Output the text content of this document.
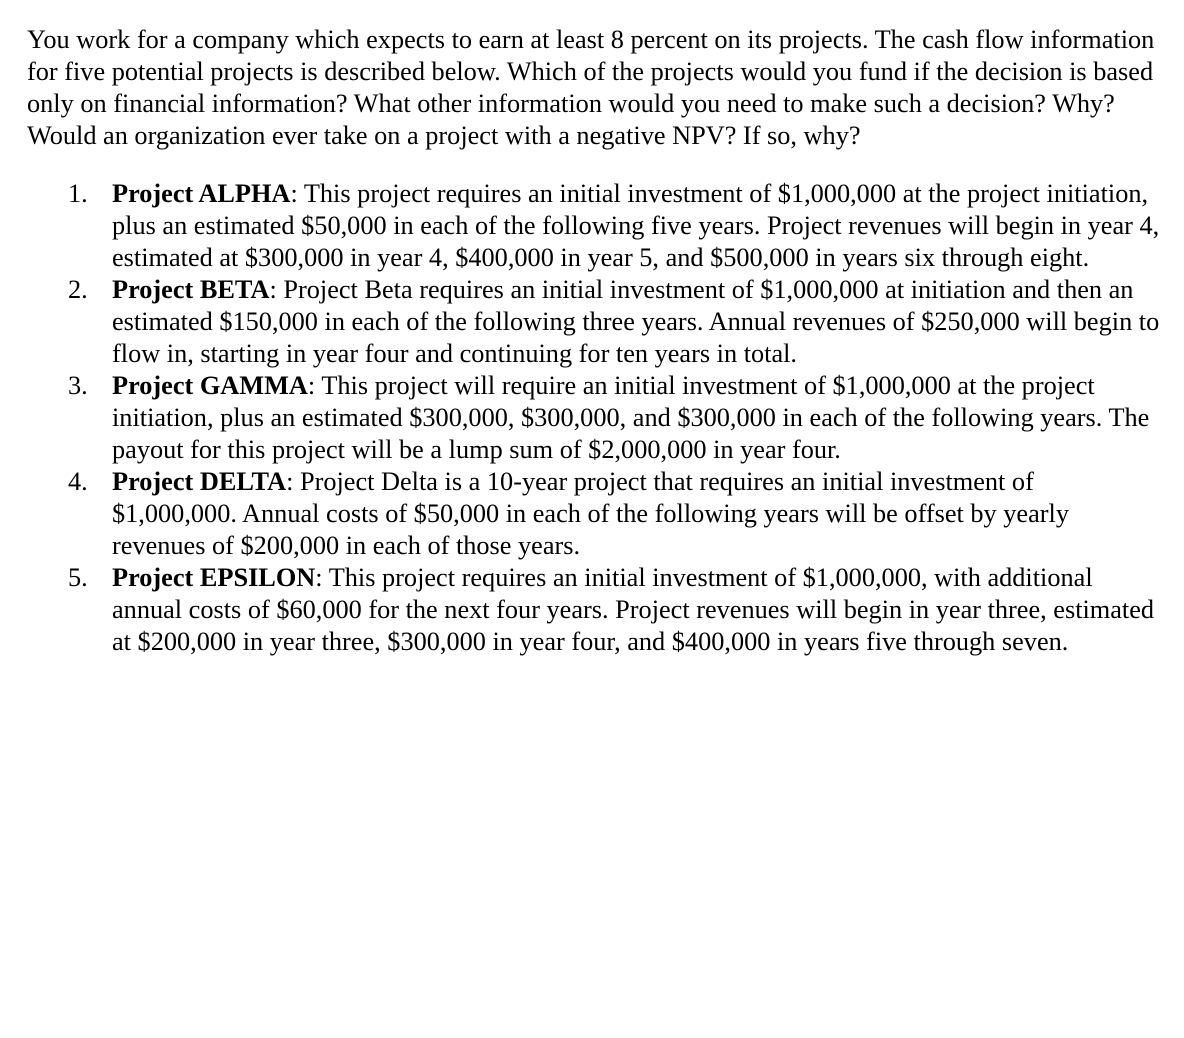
You work for a company which expects to earn at least 8 percent on its projects. The cash flow information for five potential projects is described below. Which of the projects would you fund if the decision is based only on financial information? What other information would you need to make such a decision? Why? Would an organization ever take on a project with a negative NPV? If so, why?

1. Project ALPHA: This project requires an initial investment of $1,000,000 at the project initiation, plus an estimated $50,000 in each of the following five years. Project revenues will begin in year 4, estimated at $300,000 in year 4, $400,000 in year 5, and $500,000 in years six through eight.
2. Project BETA: Project Beta requires an initial investment of $1,000,000 at initiation and then an estimated $150,000 in each of the following three years. Annual revenues of $250,000 will begin to flow in, starting in year four and continuing for ten years in total.
3. Project GAMMA: This project will require an initial investment of $1,000,000 at the project initiation, plus an estimated $300,000, $300,000, and $300,000 in each of the following years. The payout for this project will be a lump sum of $2,000,000 in year four.
4. Project DELTA: Project Delta is a 10-year project that requires an initial investment of $1,000,000. Annual costs of $50,000 in each of the following years will be offset by yearly revenues of $200,000 in each of those years.
5. Project EPSILON: This project requires an initial investment of $1,000,000, with additional annual costs of $60,000 for the next four years. Project revenues will begin in year three, estimated at $200,000 in year three, $300,000 in year four, and $400,000 in years five through seven.
